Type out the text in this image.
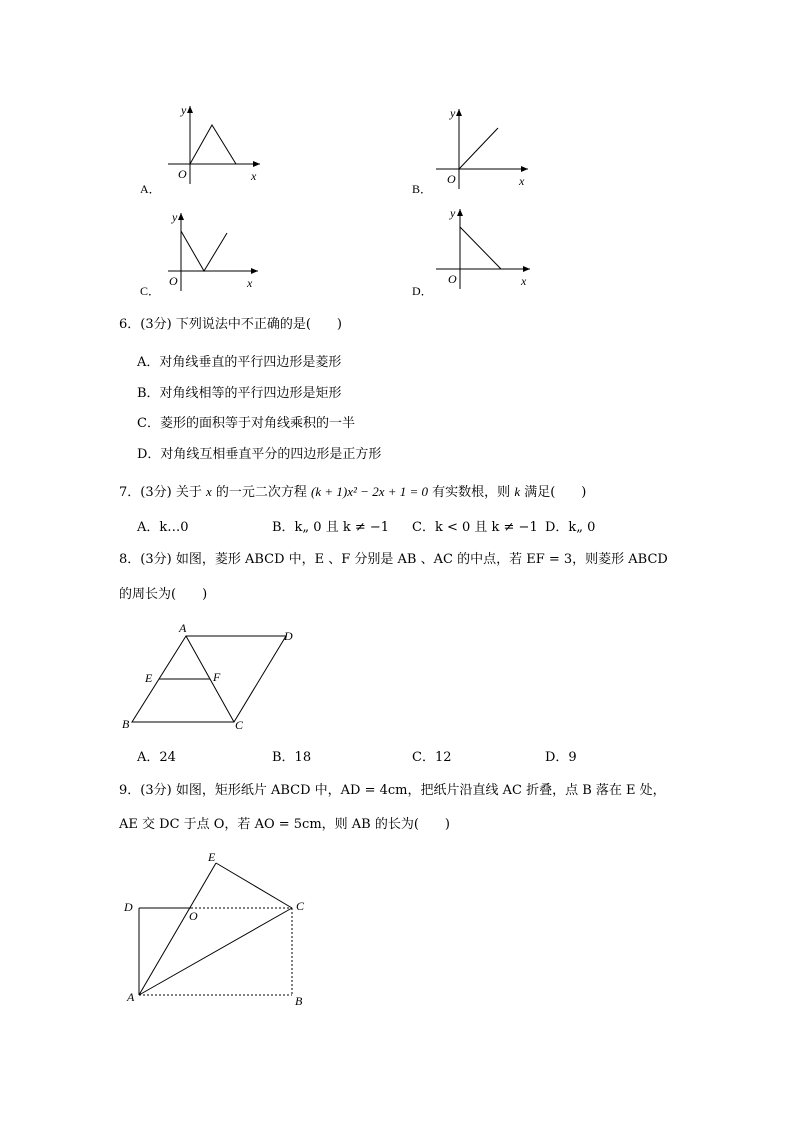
y
O	x
A．
y
O	x
B．
y
O	x
C．
y
O	x
D．
6．(3分) 下列说法中不正确的是(　　)
A．对角线垂直的平行四边形是菱形
B．对角线相等的平行四边形是矩形
C．菱形的面积等于对角线乘积的一半
D．对角线互相垂直平分的四边形是正方形
7．(3分) 关于 x 的一元二次方程 (k + 1)x² − 2x + 1 = 0 有实数根，则 k 满足(　　)
A．k…0	B．k„ 0 且 k ≠ −1 C．k < 0 且 k ≠ −1 D．k„ 0
8．(3分) 如图，菱形 ABCD 中，E 、F 分别是 AB 、AC 的中点，若 EF = 3，则菱形 ABCD
的周长为(　　)
A
D
E	F
B	C
A．24	B．18	C．12	D．9
9．(3分) 如图，矩形纸片 ABCD 中，AD = 4cm，把纸片沿直线 AC 折叠，点 B 落在 E 处，
AE 交 DC 于点 O，若 AO = 5cm，则 AB 的长为(　　)
E
D
O
C
A	B
